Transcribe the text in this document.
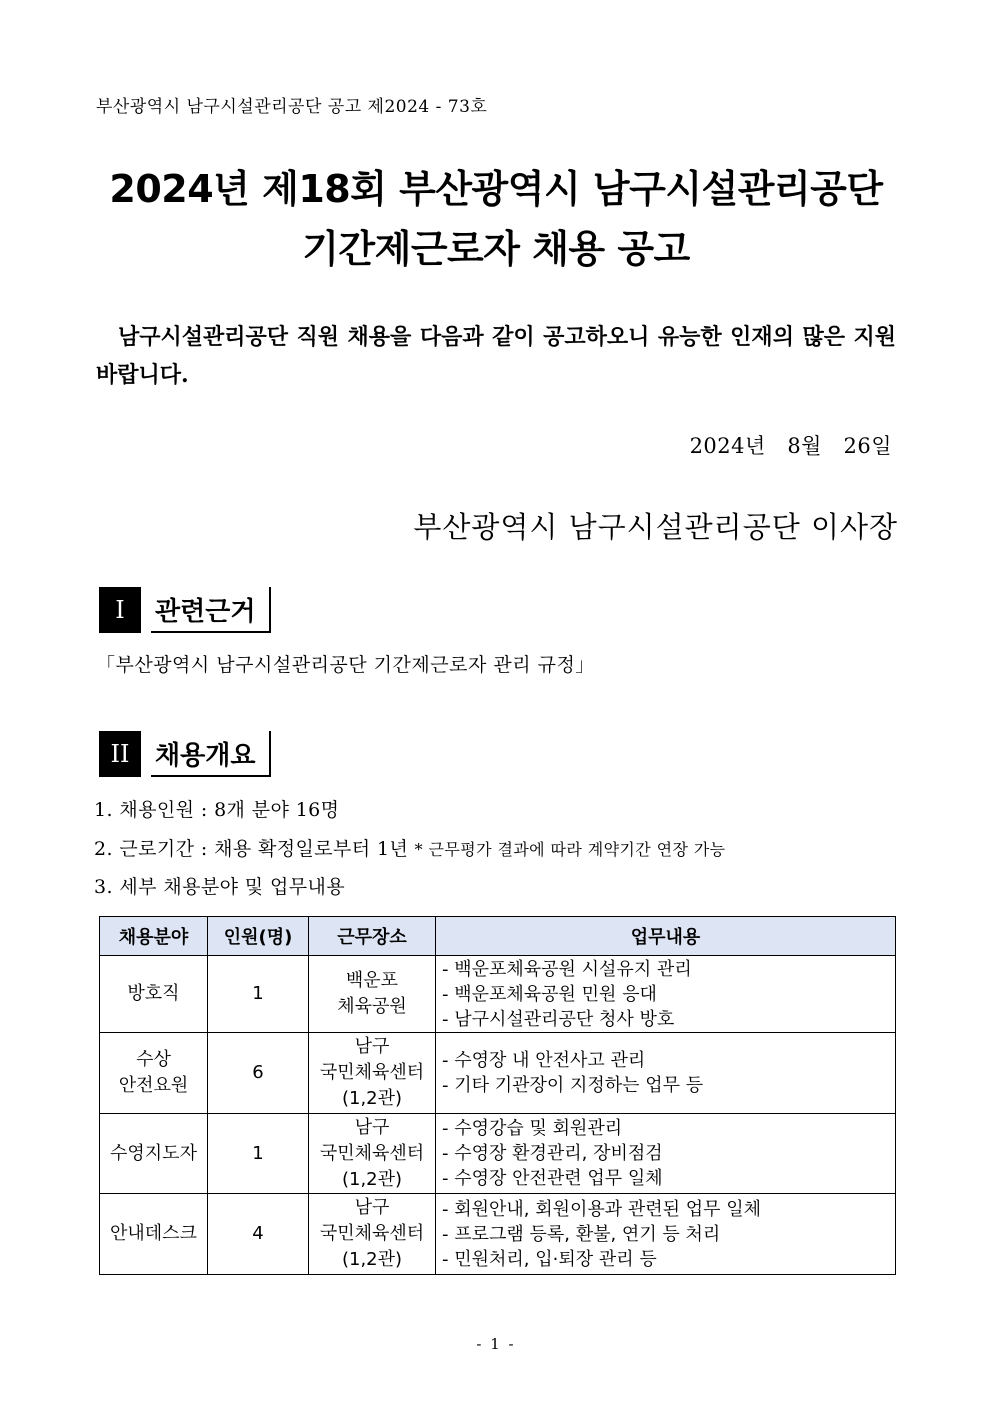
부산광역시 남구시설관리공단 공고 제2024 - 73호
2024년 제18회 부산광역시 남구시설관리공단
기간제근로자 채용 공고
남구시설관리공단 직원 채용을 다음과 같이 공고하오니 유능한 인재의 많은 지원 바랍니다.
2024년   8월   26일
부산광역시 남구시설관리공단 이사장
I	관련근거
「부산광역시 남구시설관리공단 기간제근로자 관리 규정」
II 채용개요
1. 채용인원 : 8개 분야 16명
2. 근로기간 : 채용 확정일로부터 1년 * 근무평가 결과에 따라 계약기간 연장 가능
3. 세부 채용분야 및 업무내용
채용분야	인원(명)	근무장소	업무내용

방호직	1	백운포
체육공원	- 백운포체육공원 시설유지 관리
- 백운포체육공원 민원 응대
- 남구시설관리공단 청사 방호

수상
안전요원	6	남구
국민체육센터
(1,2관)	- 수영장 내 안전사고 관리
- 기타 기관장이 지정하는 업무 등

수영지도자	1	남구
국민체육센터
(1,2관)	- 수영강습 및 회원관리
- 수영장 환경관리, 장비점검
- 수영장 안전관련 업무 일체

안내데스크	4	남구
국민체육센터
(1,2관)	- 회원안내, 회원이용과 관련된 업무 일체
- 프로그램 등록, 환불, 연기 등 처리
- 민원처리, 입·퇴장 관리 등
- 1 -
